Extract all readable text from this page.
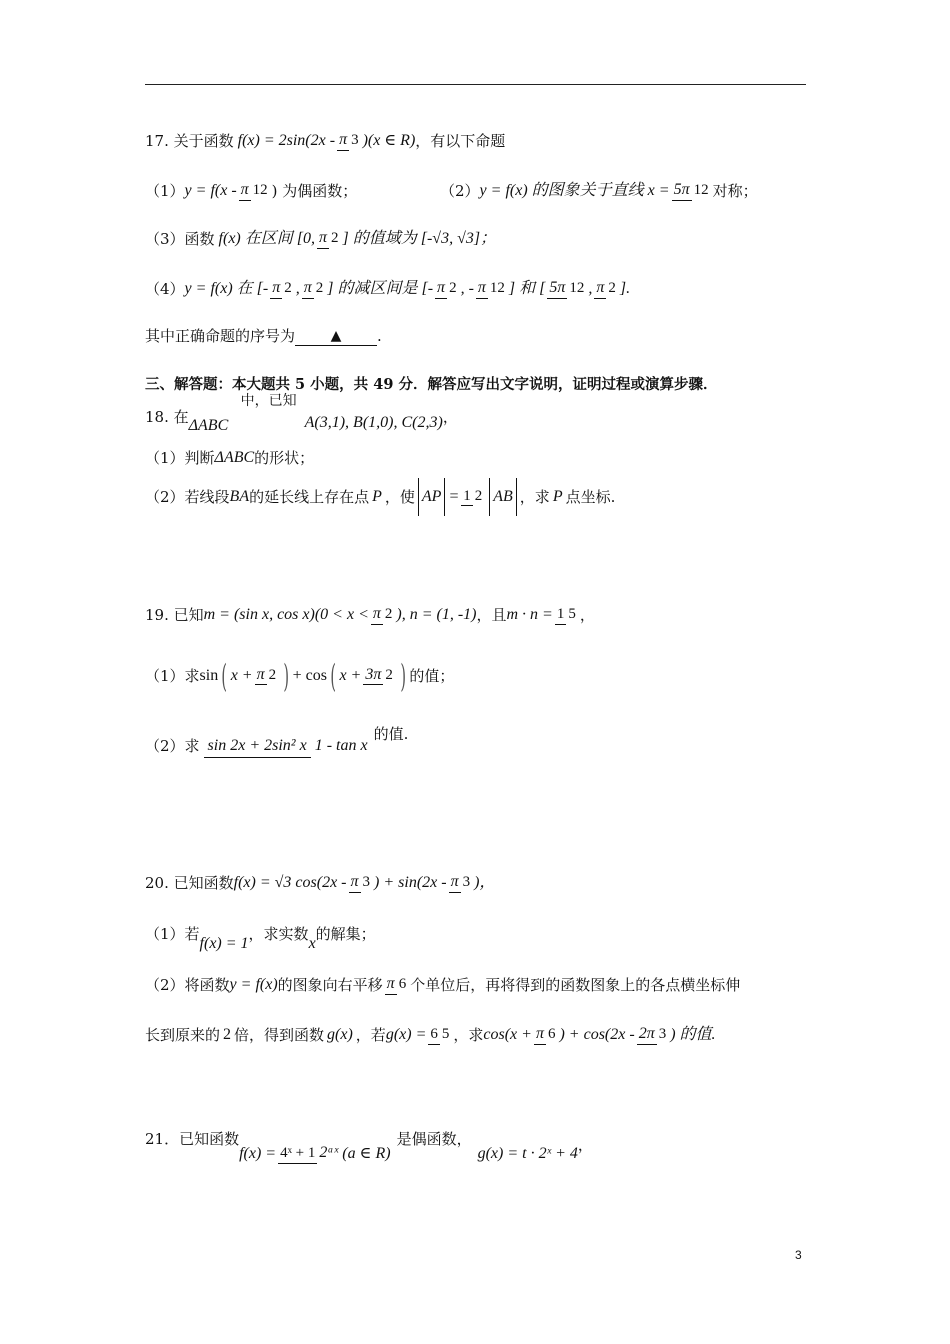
17. 关于函数 f(x) = 2sin(2x - π 3 )(x ∈ R) ，有以下命题
（1） y = f(x - π 12 ) 为偶函数；	（2） y = f(x) 的图象关于直线 x = 5π 12 对称；
（3）函数 f(x) 在区间 [0, π 2 ] 的值域为 [-√3, √3]；
（4） y = f(x) 在 [- π 2 , π 2 ] 的减区间是 [- π 2 , - π 12 ] 和 [ 5π 12 , π 2 ].
其中正确命题的序号为	▲	.
三、解答题：本大题共 5 小题，共 49 分．解答应写出文字说明，证明过程或演算步骤．
18. 在
中，已知
ΔABC	A(3,1), B(1,0), C(2,3) ，
（1）判断 ΔABC 的形状；
（2）若线段 BA 的延长线上存在点 P ，使 AP = 1 2 AB ，求 P 点坐标.
19. 已知 m = (sin x, cos x)(0 < x < π 2 ), n = (1, -1) ，且 m · n = 1 5 ，
（1）求 sin ( x + π 2 ) + cos ( x + 3π 2 ) 的值；
（2）求 sin 2x + 2sin² x 1 - tan x
的值.
20. 已知函数 f(x) = √3 cos(2x - π 3 ) + sin(2x - π 3 )，
（1）若
f(x) = 1
，求实数
x
的解集；
（2）将函数 y = f(x) 的图象向右平移 π 6 个单位后，再将得到的函数图象上的各点横坐标伸
长到原来的 2 倍，得到函数 g(x) ，若 g(x) = 6 5 ，求 cos(x + π 6 ) + cos(2x - 2π 3 ) 的值.
21．已知函数
f(x) = 4ˣ + 1 2ᵃˣ (a ∈ R)
是偶函数，
g(x) = t · 2ˣ + 4 ，
3
